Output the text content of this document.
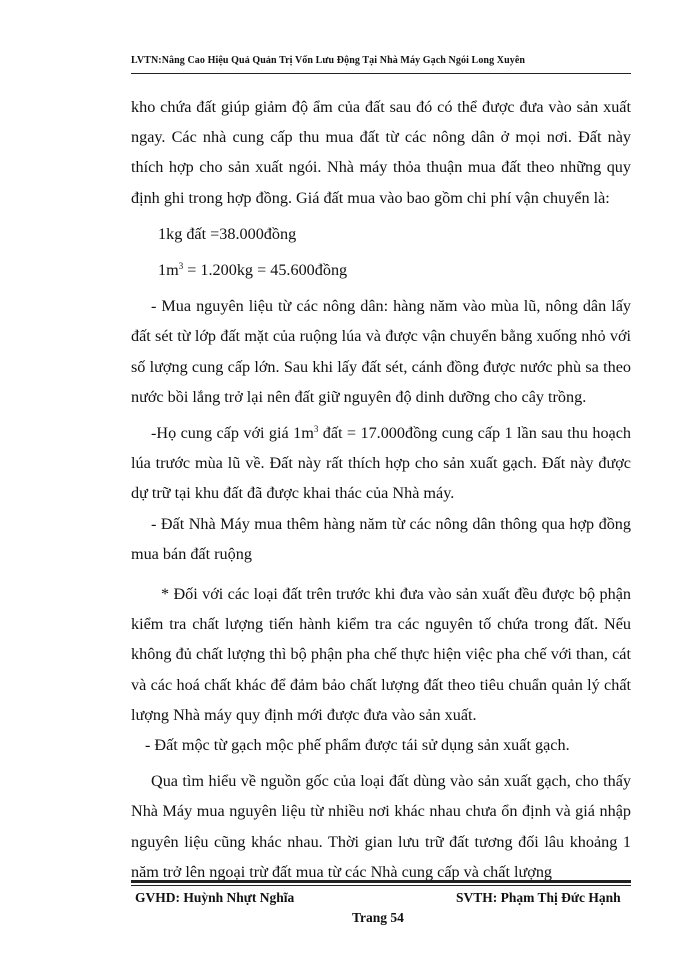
LVTN:Nâng Cao Hiệu Quả Quản Trị Vốn Lưu Động Tại Nhà Máy Gạch Ngói Long Xuyên

kho chứa đất giúp giảm độ ẩm của đất sau đó có thể được đưa vào sản xuất ngay. Các nhà cung cấp thu mua đất từ các nông dân ở mọi nơi. Đất này thích hợp cho sản xuất ngói. Nhà máy thỏa thuận mua đất theo những quy định ghi trong hợp đồng. Giá đất mua vào bao gồm chi phí vận chuyển là:

1kg đất =38.000đồng

$1m^3 = 1.200kg$ = 45.600đồng

- Mua nguyên liệu từ các nông dân: hàng năm vào mùa lũ, nông dân lấy đất sét từ lớp đất mặt của ruộng lúa và được vận chuyển bằng xuống nhỏ với số lượng cung cấp lớn. Sau khi lấy đất sét, cánh đồng được nước phù sa theo nước bồi lắng trở lại nên đất giữ nguyên độ dinh dưỡng cho cây trồng.

-Họ cung cấp với giá $1m^3$ đất = 17.000đồng cung cấp 1 lần sau thu hoạch lúa trước mùa lũ về. Đất này rất thích hợp cho sản xuất gạch. Đất này được dự trữ tại khu đất đã được khai thác của Nhà máy.

- Đất Nhà Máy mua thêm hàng năm từ các nông dân thông qua hợp đồng mua bán đất ruộng

* Đối với các loại đất trên trước khi đưa vào sản xuất đều được bộ phận kiểm tra chất lượng tiến hành kiểm tra các nguyên tố chứa trong đất. Nếu không đủ chất lượng thì bộ phận pha chế thực hiện việc pha chế với than, cát và các hoá chất khác để đảm bảo chất lượng đất theo tiêu chuẩn quản lý chất lượng Nhà máy quy định mới được đưa vào sản xuất.

- Đất mộc từ gạch mộc phế phẩm được tái sử dụng sản xuất gạch.

Qua tìm hiểu về nguồn gốc của loại đất dùng vào sản xuất gạch, cho thấy Nhà Máy mua nguyên liệu từ nhiều nơi khác nhau chưa ổn định và giá nhập nguyên liệu cũng khác nhau. Thời gian lưu trữ đất tương đối lâu khoảng 1 năm trở lên ngoại trừ đất mua từ các Nhà cung cấp và chất lượng

GVHD: Huỳnh Nhựt Nghĩa	SVTH: Phạm Thị Đức Hạnh
Trang 54
